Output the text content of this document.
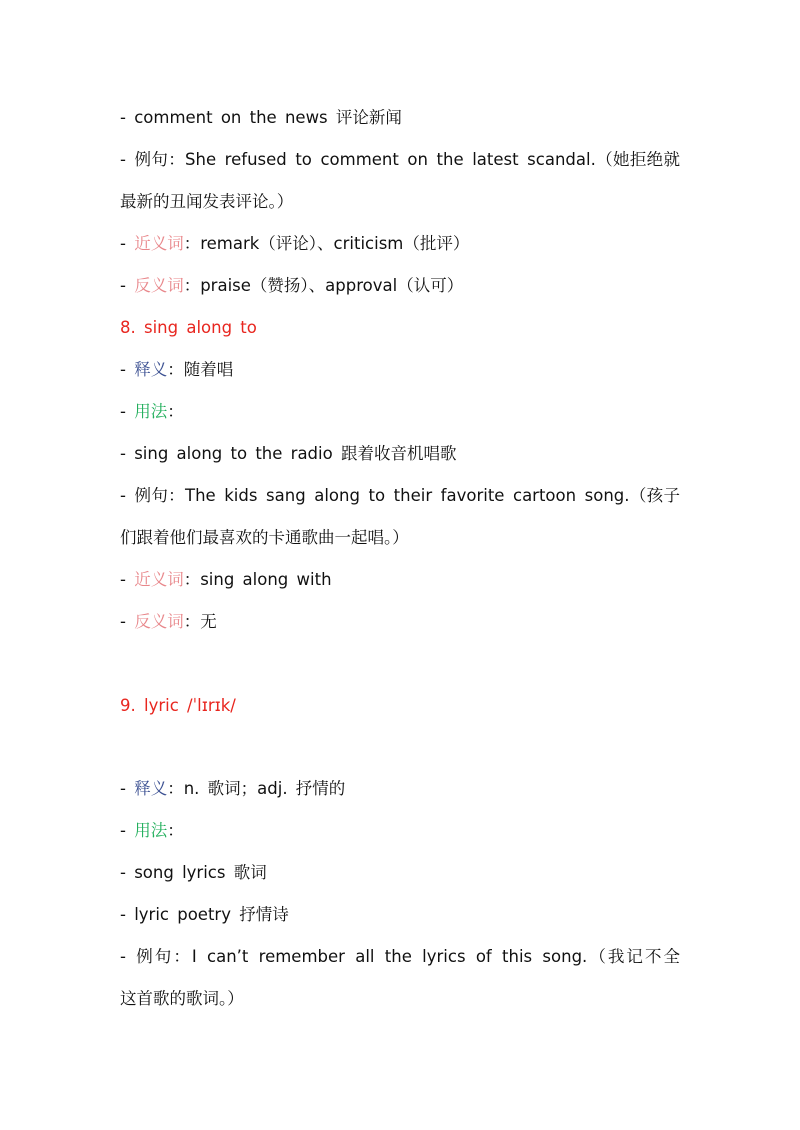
- comment on the news 评论新闻
- 例句：She refused to comment on the latest scandal.（她拒绝就
最新的丑闻发表评论。）
- 近义词：remark（评论）、criticism（批评）
- 反义词：praise（赞扬）、approval（认可）
8. sing along to
- 释义：随着唱
- 用法：
- sing along to the radio 跟着收音机唱歌
- 例句：The kids sang along to their favorite cartoon song.（孩子
们跟着他们最喜欢的卡通歌曲一起唱。）
- 近义词：sing along with
- 反义词：无
9. lyric /ˈlɪrɪk/
- 释义：n. 歌词；adj. 抒情的
- 用法：
- song lyrics 歌词
- lyric poetry 抒情诗
- 例句：I can’t remember all the lyrics of this song.（我记不全
这首歌的歌词。）
